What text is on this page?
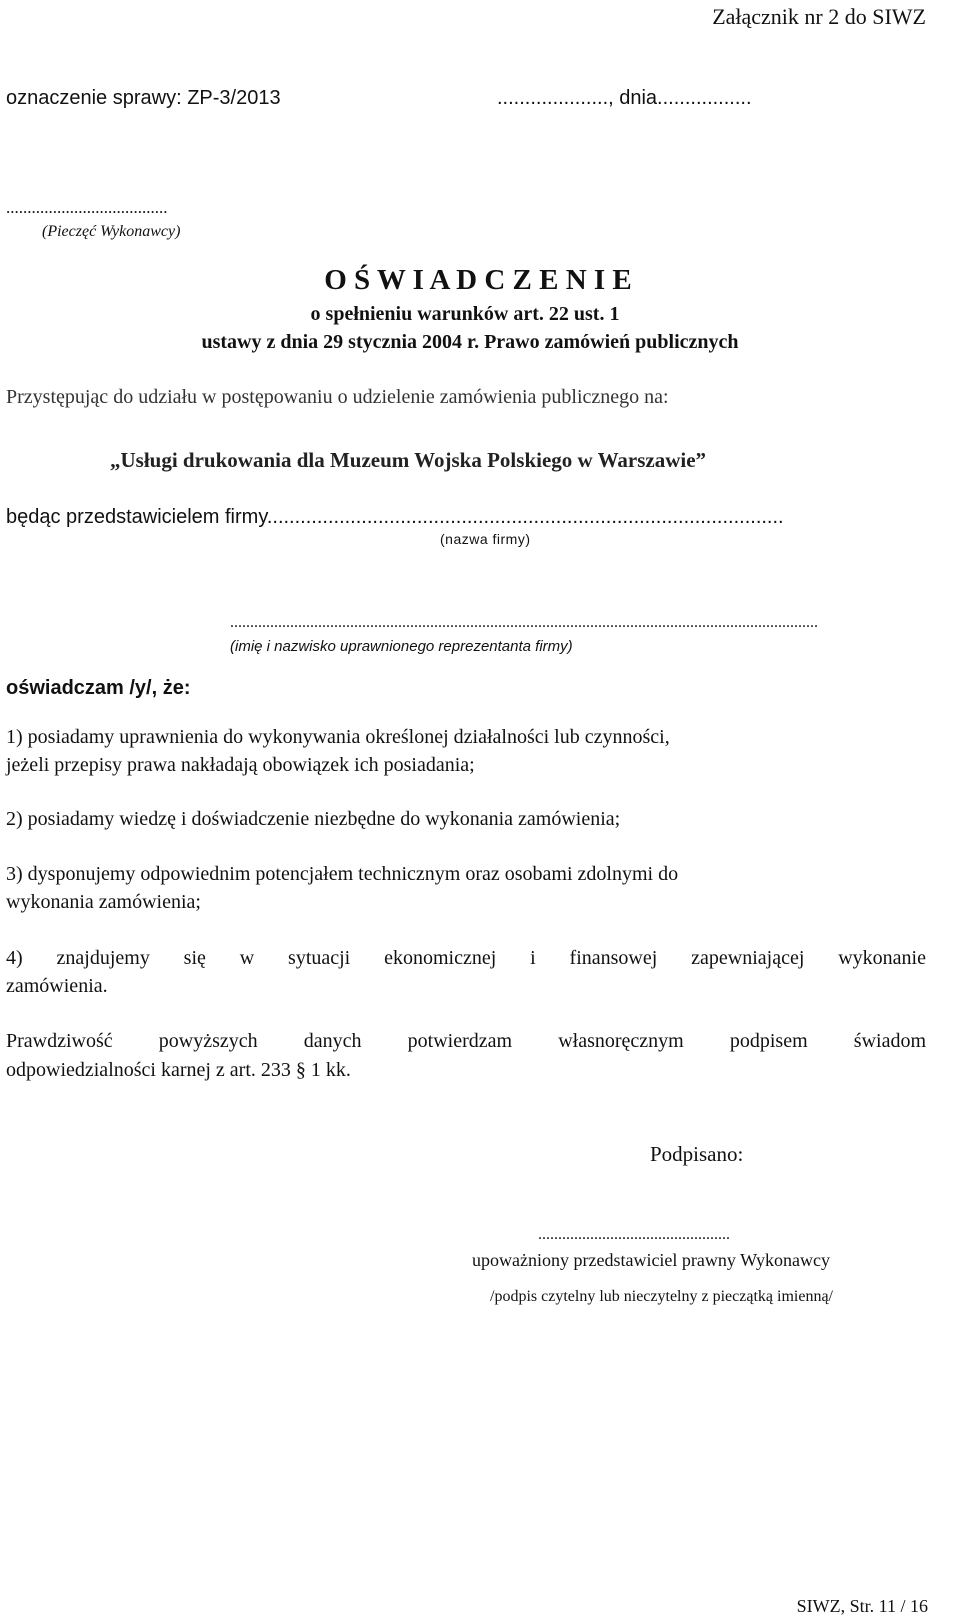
Załącznik nr 2 do SIWZ
oznaczenie sprawy: ZP-3/2013	...................., dnia.................
......................................
(Pieczęć Wykonawcy)
O Ś W I A D C Z E N I E
o spełnieniu warunków art. 22 ust. 1
ustawy z dnia 29 stycznia 2004 r. Prawo zamówień publicznych
Przystępując do udziału w postępowaniu o udzielenie zamówienia publicznego na:
„Usługi drukowania dla Muzeum Wojska Polskiego w Warszawie”
będąc przedstawicielem firmy.............................................................................................
(nazwa firmy)
...................................................................................................................................................
(imię i nazwisko uprawnionego reprezentanta firmy)
oświadczam /y/, że:
1) posiadamy uprawnienia do wykonywania określonej działalności lub czynności,
jeżeli przepisy prawa nakładają obowiązek ich posiadania;
2) posiadamy wiedzę i doświadczenie niezbędne do wykonania zamówienia;
3) dysponujemy odpowiednim potencjałem technicznym oraz osobami zdolnymi do
wykonania zamówienia;
4) znajdujemy się w sytuacji ekonomicznej i finansowej zapewniającej wykonanie
zamówienia.
Prawdziwość powyższych danych potwierdzam własnoręcznym podpisem świadom
odpowiedzialności karnej z art. 233 § 1 kk.
Podpisano:
................................................
upoważniony przedstawiciel prawny Wykonawcy
/podpis czytelny lub nieczytelny z pieczątką imienną/
SIWZ, Str. 11 / 16
